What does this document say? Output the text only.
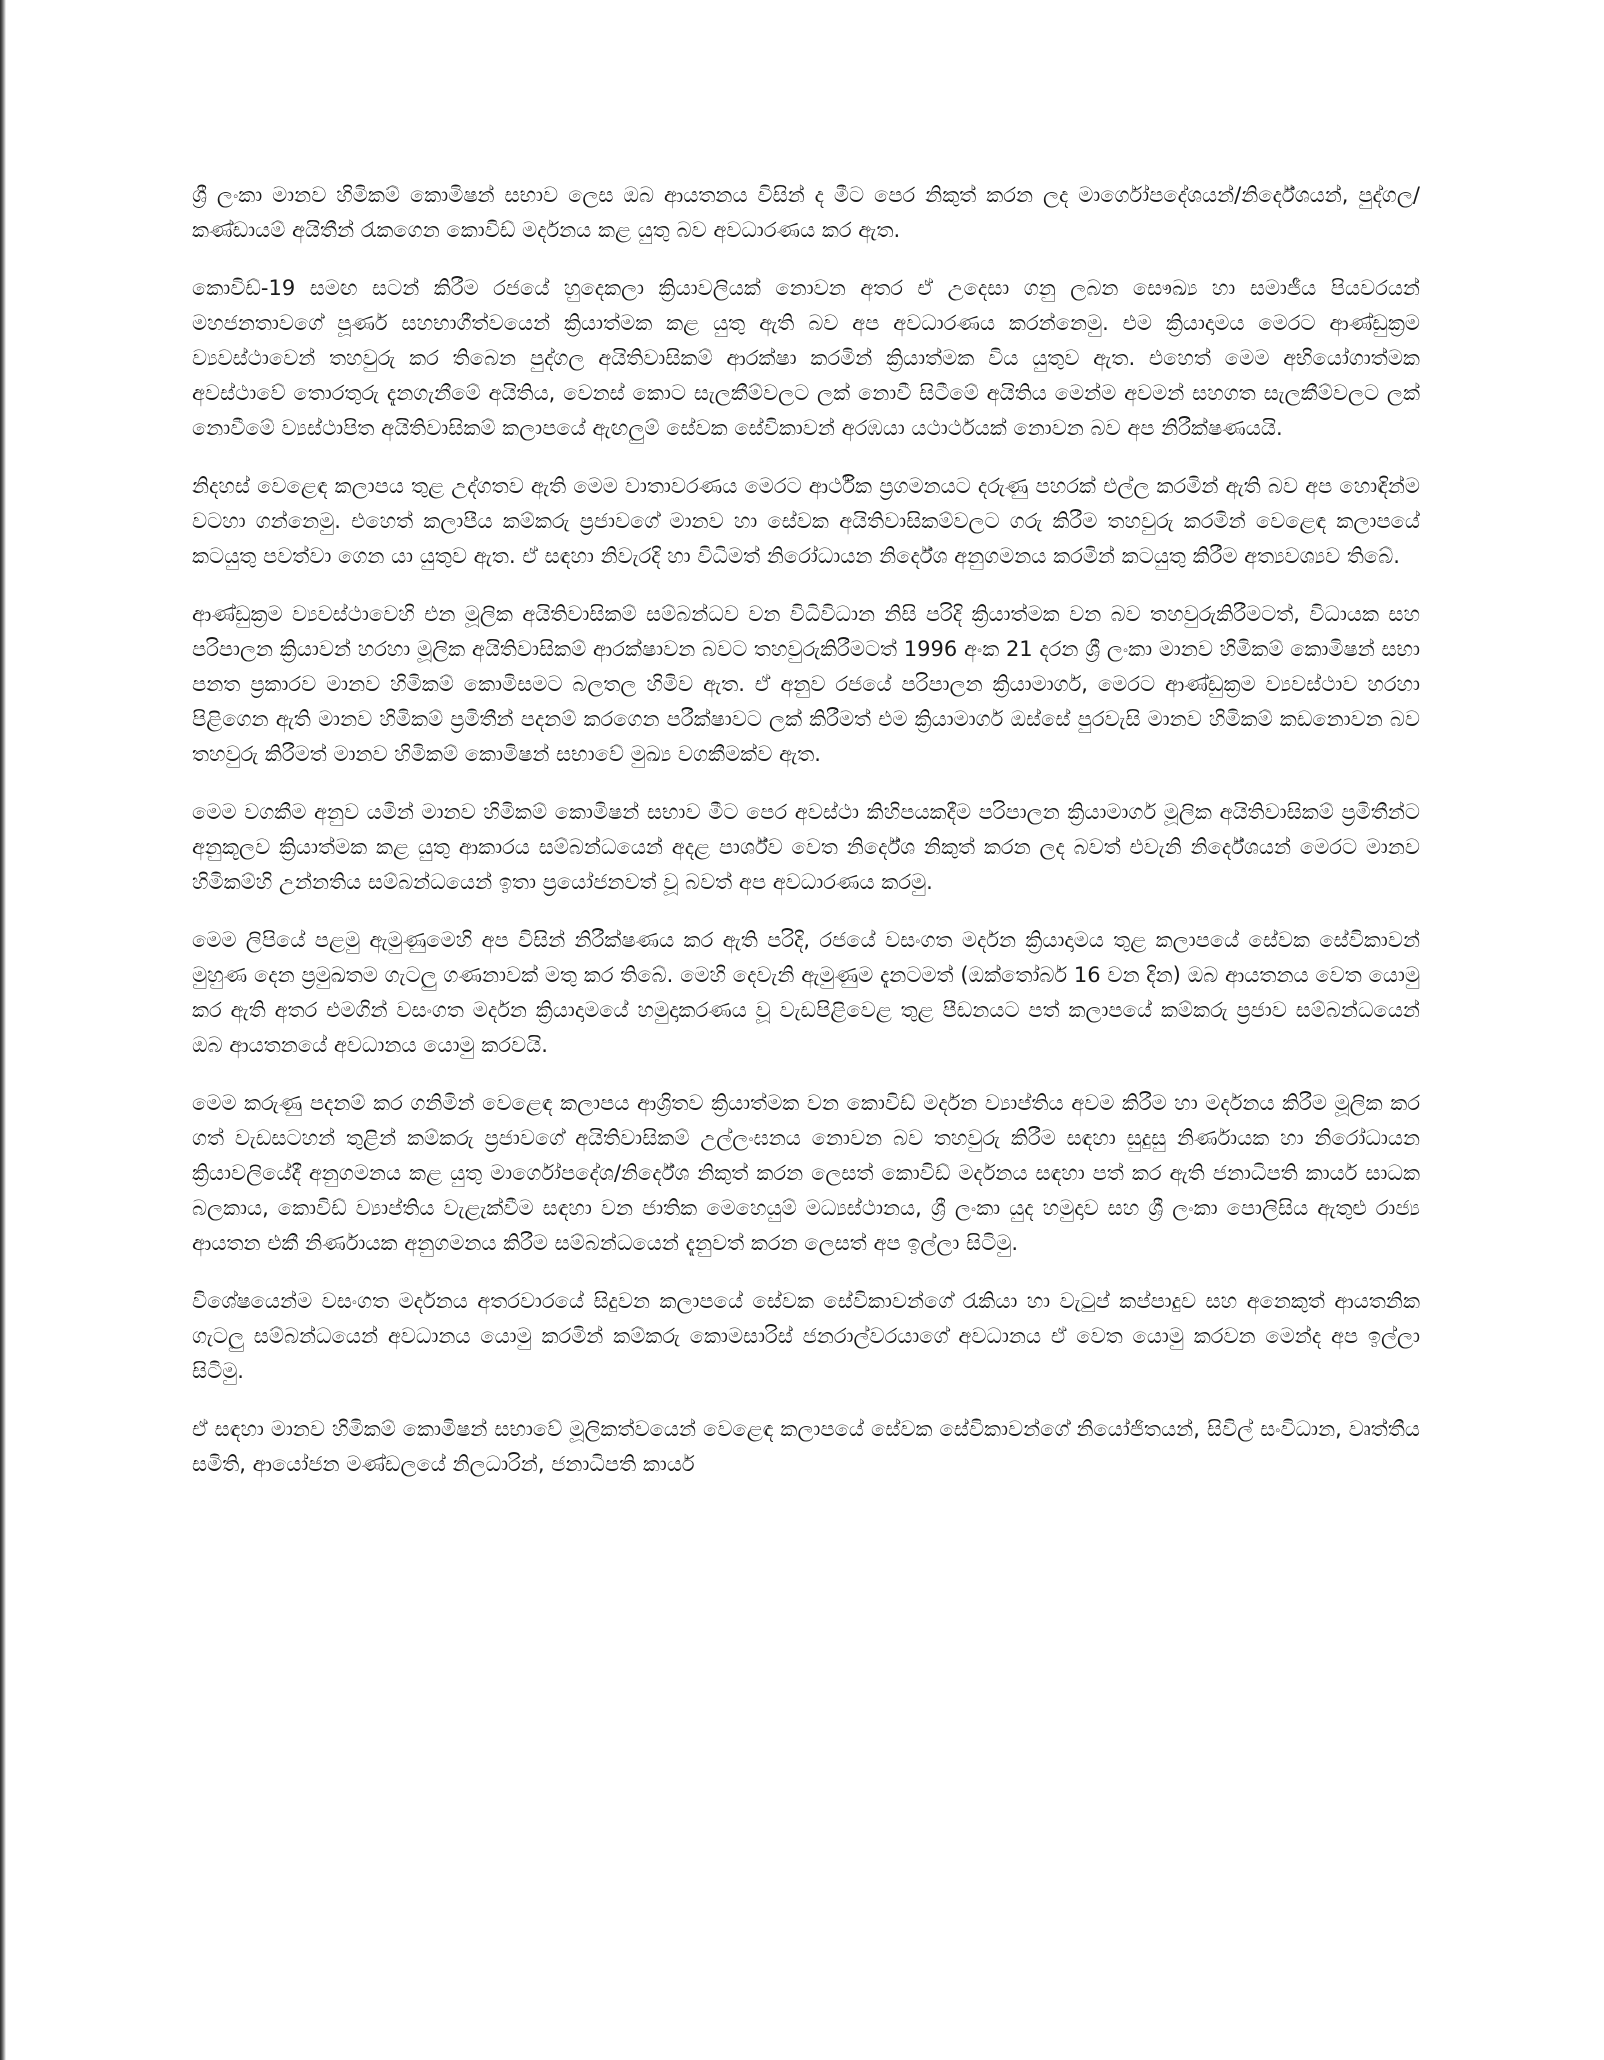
ශ්‍රී ලංකා මානව හිමිකම් කොමිෂන් සභාව ලෙස ඔබ ආයතනය විසින් ද මීට පෙර නිකුත් කරන ලද මාර්ගෝපදේශයන්/නිර්දේශයන්, පුද්ගල/කණ්ඩායම් අයිතීන් රැකගෙන කොවිඩ් මර්දනය කළ යුතු බව අවධාරණය කර ඇත.

කොවිඩ්-19 සමඟ සටන් කිරීම රජයේ හුදෙකලා ක්‍රියාවලියක් නොවන අතර ඒ උදෙසා ගනු ලබන සෞඛ්‍ය හා සමාජීය පියවරයන් මහජනතාවගේ පූර්ණ සහභාගීත්වයෙන් ක්‍රියාත්මක කළ යුතු ඇති බව අප අවධාරණය කරන්නෙමු. එම ක්‍රියාදාමය මෙරට ආණ්ඩුක්‍රම ව්‍යවස්ථාවෙන් තහවුරු කර තිබෙන පුද්ගල අයිතිවාසිකම් ආරක්ෂා කරමින් ක්‍රියාත්මක විය යුතුව ඇත. එහෙත් මෙම අභියෝගාත්මක අවස්ථාවේ තොරතුරු දැනගැනීමේ අයිතිය, වෙනස් කොට සැලකීම්වලට ලක් නොවී සිටීමේ අයිතිය මෙන්ම අවමන් සහගත සැලකීම්වලට ලක් නොවීමේ ව්‍යස්ථාපිත අයිතිවාසිකම් කලාපයේ ඇඟලුම් සේවක සේවිකාවන් අරඹයා යථාර්ථයක් නොවන බව අප නිරීක්ෂණයයි.

නිදහස් වෙළෙඳ කලාපය තුළ උද්ගතව ඇති මෙම වාතාවරණය මෙරට ආර්ථික ප්‍රගමනයට දරුණු පහරක් එල්ල කරමින් ඇති බව අප හොඳින්ම වටහා ගන්නෙමු. එහෙත් කලාපීය කම්කරු ප්‍රජාවගේ මානව හා සේවක අයිතිවාසිකම්වලට ගරු කිරීම තහවුරු කරමින් වෙළෙඳ කලාපයේ කටයුතු පවත්වා ගෙන යා යුතුව ඇත. ඒ සඳහා නිවැරදි හා විධිමත් නිරෝධායන නිර්දේශ අනුගමනය කරමින් කටයුතු කිරීම අත්‍යවශ්‍යව තිබේ.

ආණ්ඩුක්‍රම ව්‍යවස්ථාවෙහි එන මූලික අයිතිවාසිකම් සම්බන්ධව වන විධිවිධාන නිසි පරිදි ක්‍රියාත්මක වන බව තහවුරුකිරීමටත්, විධායක සහ පරිපාලන ක්‍රියාවන් හරහා මූලික අයිතිවාසිකම් ආරක්ෂාවන බවට තහවුරුකිරීමටත් 1996 අංක 21 දරන ශ්‍රී ලංකා මානව හිමිකම් කොමිෂන් සභා පනත ප්‍රකාරව මානව හිමිකම් කොමිසමට බලතල හිමිව ඇත. ඒ අනුව රජයේ පරිපාලන ක්‍රියාමාර්ග, මෙරට ආණ්ඩුක්‍රම ව්‍යවස්ථාව හරහා පිළිගෙන ඇති මානව හිමිකම් ප්‍රමිතීන් පදනම් කරගෙන පරීක්ෂාවට ලක් කිරීමත් එම ක්‍රියාමාර්ග ඔස්සේ පුරවැසි මානව හිමිකම් කඩනොවන බව තහවුරු කිරීමත් මානව හිමිකම් කොමිෂන් සභාවේ මුඛ්‍ය වගකීමක්ව ඇත.

මෙම වගකීම අනුව යමින් මානව හිමිකම් කොමිෂන් සභාව මීට පෙර අවස්ථා කිහිපයකදීම පරිපාලන ක්‍රියාමාර්ග මූලික අයිතිවාසිකම් ප්‍රමිතීන්ට අනුකූලව ක්‍රියාත්මක කළ යුතු ආකාරය සම්බන්ධයෙන් අදළ පාර්ශ්ව වෙත නිර්දේශ නිකුත් කරන ලද බවත් එවැනි නිර්දේශයන් මෙරට මානව හිමිකම්හි උන්නතිය සම්බන්ධයෙන් ඉතා ප්‍රයෝජනවත් වූ බවත් අප අවධාරණය කරමු.

මෙම ලිපියේ පළමු ඇමුණුමෙහි අප විසින් නිරීක්ෂණය කර ඇති පරිදි, රජයේ වසංගත මර්දන ක්‍රියාදාමය තුළ කලාපයේ සේවක සේවිකාවන් මුහුණ දෙන ප්‍රමුඛතම ගැටලු ගණනාවක් මතු කර තිබේ. මෙහි දෙවැනි ඇමුණුම දැනටමත් (ඔක්තෝබර් 16 වන දින) ඔබ ආයතනය වෙත යොමු කර ඇති අතර එමගින් වසංගත මර්දන ක්‍රියාදාමයේ හමුදාකරණය වූ වැඩපිළිවෙළ තුළ පීඩනයට පත් කලාපයේ කම්කරු ප්‍රජාව සම්බන්ධයෙන් ඔබ ආයතනයේ අවධානය යොමු කරවයි.

මෙම කරුණු පදනම් කර ගනිමින් වෙළෙඳ කලාපය ආශ්‍රිතව ක්‍රියාත්මක වන කොවිඩ් මර්දන ව්‍යාප්තිය අවම කිරීම හා මර්දනය කිරීම මූලික කර ගත් වැඩසටහන් තුළින් කම්කරු ප්‍රජාවගේ අයිතිවාසිකම් උල්ලංඝනය නොවන බව තහවුරු කිරීම සඳහා සුදුසු නිර්ණායක හා නිරෝධායන ක්‍රියාවලියේදී අනුගමනය කළ යුතු මාර්ගෝපදේශ/නිර්දේශ නිකුත් කරන ලෙසත් කොවිඩ් මර්දනය සඳහා පත් කර ඇති ජනාධිපති කාර්ය සාධක බලකාය, කොවිඩ් ව්‍යාප්තිය වැළැක්වීම සඳහා වන ජාතික මෙහෙයුම් මධ්‍යස්ථානය, ශ්‍රී ලංකා යුද හමුදාව සහ ශ්‍රී ලංකා පොලිසිය ඇතුළු රාජ්‍ය ආයතන එකී නිර්ණායක අනුගමනය කිරීම සම්බන්ධයෙන් දැනුවත් කරන ලෙසත් අප ඉල්ලා සිටිමු.

විශේෂයෙන්ම වසංගත මර්දනය අතරවාරයේ සිදුවන කලාපයේ සේවක සේවිකාවන්ගේ රැකියා හා වැටුප් කප්පාදුව සහ අනෙකුත් ආයතනික ගැටලු සම්බන්ධයෙන් අවධානය යොමු කරමින් කම්කරු කොමසාරිස් ජනරාල්වරයාගේ අවධානය ඒ වෙත යොමු කරවන මෙන්ද අප ඉල්ලා සිටිමු.

ඒ සඳහා මානව හිමිකම් කොමිෂන් සභාවේ මූලිකත්වයෙන් වෙළෙඳ කලාපයේ සේවක සේවිකාවන්ගේ නියෝජිතයන්, සිවිල් සංවිධාන, වෘත්තීය සමිති, ආයෝජන මණ්ඩලයේ නිලධාරින්, ජනාධිපති කාර්ය
